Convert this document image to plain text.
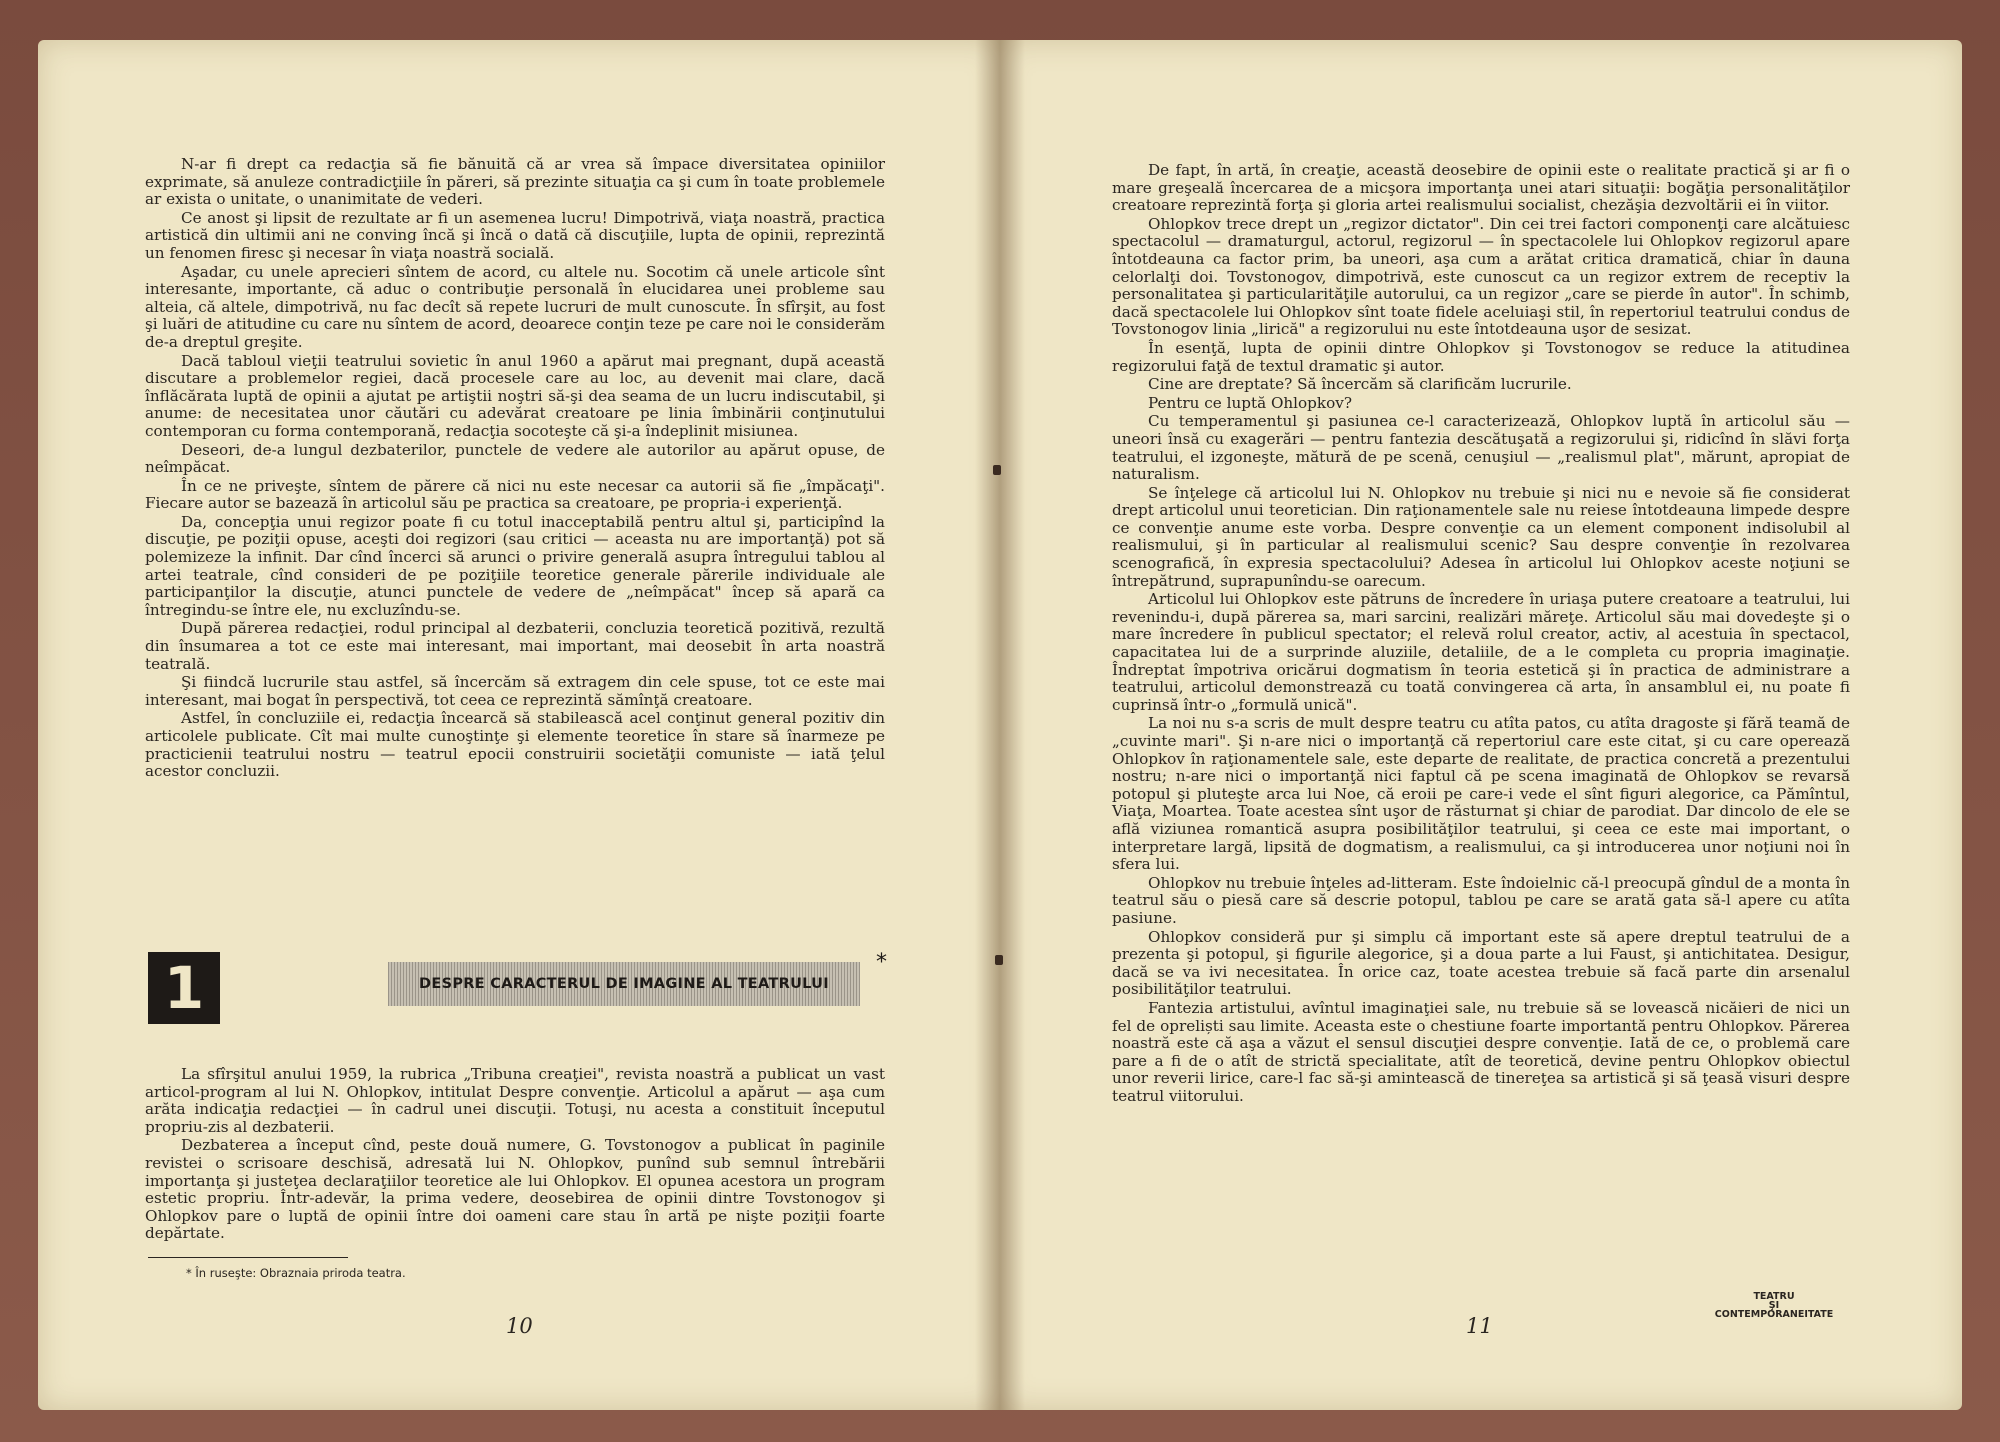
N-ar fi drept ca redacţia să fie bănuită că ar vrea să împace diversitatea opiniilor exprimate, să anuleze contradicţiile în păreri, să prezinte situaţia ca şi cum în toate problemele ar exista o unitate, o unanimitate de vederi.

Ce anost şi lipsit de rezultate ar fi un asemenea lucru! Dimpotrivă, viaţa noastră, practica artistică din ultimii ani ne conving încă şi încă o dată că discuţiile, lupta de opinii, reprezintă un fenomen firesc şi necesar în viaţa noastră socială.

Aşadar, cu unele aprecieri sîntem de acord, cu altele nu. Socotim că unele articole sînt interesante, importante, că aduc o contribuţie personală în elucidarea unei probleme sau alteia, că altele, dimpotrivă, nu fac decît să repete lucruri de mult cunoscute. În sfîrşit, au fost şi luări de atitudine cu care nu sîntem de acord, deoarece conţin teze pe care noi le considerăm de-a dreptul greşite.

Dacă tabloul vieţii teatrului sovietic în anul 1960 a apărut mai pregnant, după această discutare a problemelor regiei, dacă procesele care au loc, au devenit mai clare, dacă înflăcărata luptă de opinii a ajutat pe artiştii noştri să-şi dea seama de un lucru indiscutabil, şi anume: de necesitatea unor căutări cu adevărat creatoare pe linia îmbinării conţinutului contemporan cu forma contemporană, redacţia socoteşte că şi-a îndeplinit misiunea.

Deseori, de-a lungul dezbaterilor, punctele de vedere ale autorilor au apărut opuse, de neîmpăcat.

În ce ne priveşte, sîntem de părere că nici nu este necesar ca autorii să fie „împăcaţi". Fiecare autor se bazează în articolul său pe practica sa creatoare, pe propria-i experienţă.

Da, concepţia unui regizor poate fi cu totul inacceptabilă pentru altul şi, participînd la discuţie, pe poziţii opuse, aceşti doi regizori (sau critici — aceasta nu are importanţă) pot să polemizeze la infinit. Dar cînd încerci să arunci o privire generală asupra întregului tablou al artei teatrale, cînd consideri de pe poziţiile teoretice generale părerile individuale ale participanţilor la discuţie, atunci punctele de vedere de „neîmpăcat" încep să apară ca întregindu-se între ele, nu excluzîndu-se.

După părerea redacţiei, rodul principal al dezbaterii, concluzia teoretică pozitivă, rezultă din însumarea a tot ce este mai interesant, mai important, mai deosebit în arta noastră teatrală.

Şi fiindcă lucrurile stau astfel, să încercăm să extragem din cele spuse, tot ce este mai interesant, mai bogat în perspectivă, tot ceea ce reprezintă sămînţă creatoare.

Astfel, în concluziile ei, redacţia încearcă să stabilească acel conţinut general pozitiv din articolele publicate. Cît mai multe cunoştinţe şi elemente teoretice în stare să înarmeze pe practicienii teatrului nostru — teatrul epocii construirii societăţii comuniste — iată ţelul acestor concluzii.

1	DESPRE CARACTERUL DE IMAGINE AL TEATRULUI
*

La sfîrşitul anului 1959, la rubrica „Tribuna creaţiei", revista noastră a publicat un vast articol-program al lui N. Ohlopkov, intitulat Despre convenţie. Articolul a apărut — aşa cum arăta indicaţia redacţiei — în cadrul unei discuţii. Totuşi, nu acesta a constituit începutul propriu-zis al dezbaterii.

Dezbaterea a început cînd, peste două numere, G. Tovstonogov a publicat în paginile revistei o scrisoare deschisă, adresată lui N. Ohlopkov, punînd sub semnul întrebării importanţa şi justeţea declaraţiilor teoretice ale lui Ohlopkov. El opunea acestora un program estetic propriu. Într-adevăr, la prima vedere, deosebirea de opinii dintre Tovstonogov şi Ohlopkov pare o luptă de opinii între doi oameni care stau în artă pe nişte poziţii foarte depărtate.

* În ruseşte: Obraznaia priroda teatra.
10

De fapt, în artă, în creaţie, această deosebire de opinii este o realitate practică şi ar fi o mare greşeală încercarea de a micşora importanţa unei atari situaţii: bogăţia personalităţilor creatoare reprezintă forţa şi gloria artei realismului socialist, chezăşia dezvoltării ei în viitor.

Ohlopkov trece drept un „regizor dictator". Din cei trei factori componenţi care alcătuiesc spectacolul — dramaturgul, actorul, regizorul — în spectacolele lui Ohlopkov regizorul apare întotdeauna ca factor prim, ba uneori, aşa cum a arătat critica dramatică, chiar în dauna celorlalţi doi. Tovstonogov, dimpotrivă, este cunoscut ca un regizor extrem de receptiv la personalitatea şi particularităţile autorului, ca un regizor „care se pierde în autor". În schimb, dacă spectacolele lui Ohlopkov sînt toate fidele aceluiaşi stil, în repertoriul teatrului condus de Tovstonogov linia „lirică" a regizorului nu este întotdeauna uşor de sesizat.

În esenţă, lupta de opinii dintre Ohlopkov şi Tovstonogov se reduce la atitudinea regizorului faţă de textul dramatic şi autor.

Cine are dreptate? Să încercăm să clarificăm lucrurile.

Pentru ce luptă Ohlopkov?

Cu temperamentul şi pasiunea ce-l caracterizează, Ohlopkov luptă în articolul său — uneori însă cu exagerări — pentru fantezia descătuşată a regizorului şi, ridicînd în slăvi forţa teatrului, el izgoneşte, mătură de pe scenă, cenuşiul — „realismul plat", mărunt, apropiat de naturalism.

Se înţelege că articolul lui N. Ohlopkov nu trebuie şi nici nu e nevoie să fie considerat drept articolul unui teoretician. Din raţionamentele sale nu reiese întotdeauna limpede despre ce convenţie anume este vorba. Despre convenţie ca un element component indisolubil al realismului, şi în particular al realismului scenic? Sau despre convenţie în rezolvarea scenografică, în expresia spectacolului? Adesea în articolul lui Ohlopkov aceste noţiuni se întrepătrund, suprapunîndu-se oarecum.

Articolul lui Ohlopkov este pătruns de încredere în uriaşa putere creatoare a teatrului, lui revenindu-i, după părerea sa, mari sarcini, realizări măreţe. Articolul său mai dovedeşte şi o mare încredere în publicul spectator; el relevă rolul creator, activ, al acestuia în spectacol, capacitatea lui de a surprinde aluziile, detaliile, de a le completa cu propria imaginaţie. Îndreptat împotriva oricărui dogmatism în teoria estetică şi în practica de administrare a teatrului, articolul demonstrează cu toată convingerea că arta, în ansamblul ei, nu poate fi cuprinsă într-o „formulă unică".

La noi nu s-a scris de mult despre teatru cu atîta patos, cu atîta dragoste şi fără teamă de „cuvinte mari". Şi n-are nici o importanţă că repertoriul care este citat, şi cu care operează Ohlopkov în raţionamentele sale, este departe de realitate, de practica concretă a prezentului nostru; n-are nici o importanţă nici faptul că pe scena imaginată de Ohlopkov se revarsă potopul şi pluteşte arca lui Noe, că eroii pe care-i vede el sînt figuri alegorice, ca Pămîntul, Viaţa, Moartea. Toate acestea sînt uşor de răsturnat şi chiar de parodiat. Dar dincolo de ele se află viziunea romantică asupra posibilităţilor teatrului, şi ceea ce este mai important, o interpretare largă, lipsită de dogmatism, a realismului, ca şi introducerea unor noţiuni noi în sfera lui.

Ohlopkov nu trebuie înţeles ad-litteram. Este îndoielnic că-l preocupă gîndul de a monta în teatrul său o piesă care să descrie potopul, tablou pe care se arată gata să-l apere cu atîta pasiune.

Ohlopkov consideră pur şi simplu că important este să apere dreptul teatrului de a prezenta şi potopul, şi figurile alegorice, şi a doua parte a lui Faust, şi antichitatea. Desigur, dacă se va ivi necesitatea. În orice caz, toate acestea trebuie să facă parte din arsenalul posibilităţilor teatrului.

Fantezia artistului, avîntul imaginaţiei sale, nu trebuie să se lovească nicăieri de nici un fel de opreliști sau limite. Aceasta este o chestiune foarte importantă pentru Ohlopkov. Părerea noastră este că aşa a văzut el sensul discuţiei despre convenţie. Iată de ce, o problemă care pare a fi de o atît de strictă specialitate, atît de teoretică, devine pentru Ohlopkov obiectul unor reverii lirice, care-l fac să-şi amintească de tinereţea sa artistică şi să ţeasă visuri despre teatrul viitorului.

11
TEATRU
ŞI
CONTEMPORANEITATE
